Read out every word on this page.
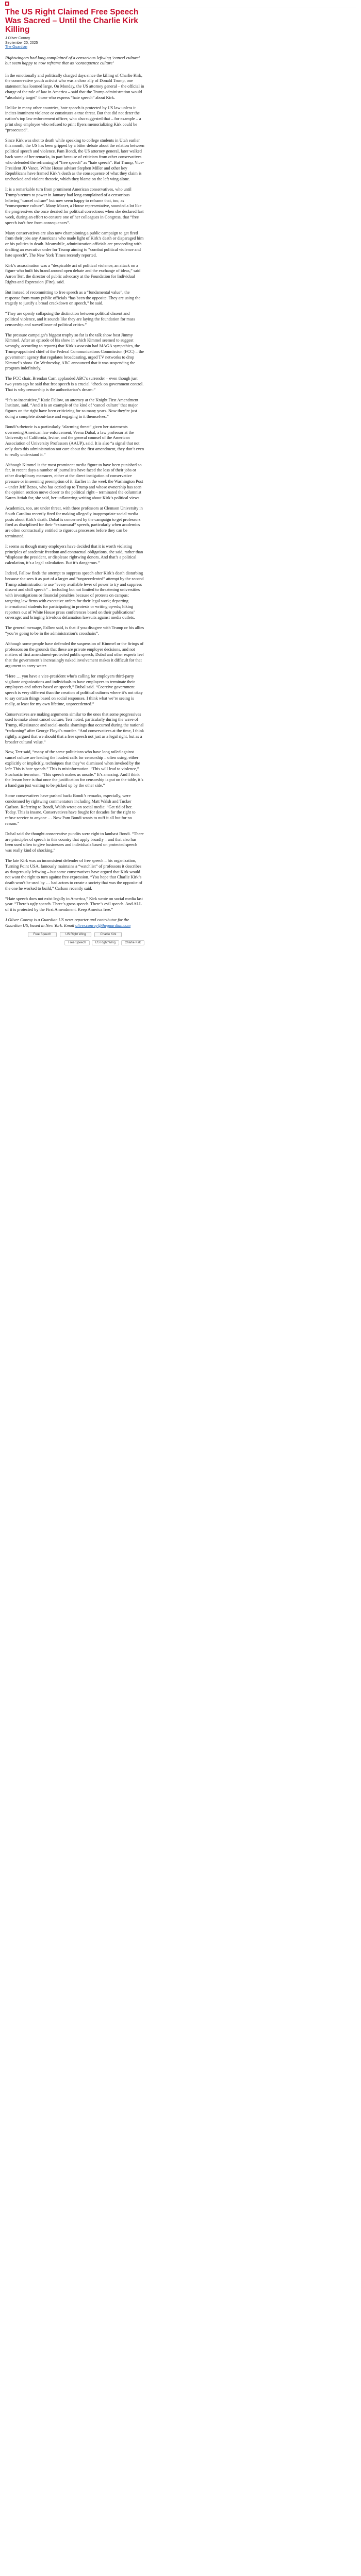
The US Right Claimed Free Speech Was Sacred – Until the Charlie Kirk Killing
J Oliver Conroy
September 20, 2025
The Guardian

Rightwingers had long complained of a censorious leftwing ‘cancel culture’ but seem happy to now reframe that as ‘consequence culture’

In the emotionally and politically charged days since the killing of Charlie Kirk, the conservative youth activist who was a close ally of Donald Trump, one statement has loomed large. On Monday, the US attorney general – the official in charge of the rule of law in America – said that the Trump administration would “absolutely target” those who express “hate speech” about Kirk.

Unlike in many other countries, hate speech is protected by US law unless it incites imminent violence or constitutes a true threat. But that did not deter the nation’s top law enforcement officer, who also suggested that – for example – a print shop employee who refused to print flyers memorializing Kirk could be “prosecuted”.

Since Kirk was shot to death while speaking to college students in Utah earlier this month, the US has been gripped by a bitter debate about the relation between political speech and violence. Pam Bondi, the US attorney general, later walked back some of her remarks, in part because of criticism from other conservatives who defended the reframing of “free speech” as “hate speech”. But Trump, Vice-President JD Vance, White House adviser Stephen Miller and other key Republicans have framed Kirk’s death as the consequence of what they claim is unchecked and violent rhetoric, which they blame on the left wing alone.

It is a remarkable turn from prominent American conservatives, who until Trump’s return to power in January had long complained of a censorious leftwing “cancel culture” but now seem happy to reframe that, too, as “consequence culture”. Many Maxer, a House representative, sounded a lot like the progressives she once decried for political correctness when she declared last week, during an effort to censure one of her colleagues in Congress, that “free speech isn’t free from consequences”.

Many conservatives are also now championing a public campaign to get fired from their jobs any Americans who made light of Kirk’s death or disparaged him or his politics in death. Meanwhile, administration officials are proceeding with drafting an executive order for Trump aiming to “combat political violence and hate speech”, The New York Times recently reported.

Kirk’s assassination was a “despicable act of political violence, an attack on a figure who built his brand around open debate and the exchange of ideas,” said Aaron Terr, the director of public advocacy at the Foundation for Individual Rights and Expression (Fire), said.

But instead of recommitting to free speech as a “fundamental value”, the response from many public officials “has been the opposite. They are using the tragedy to justify a broad crackdown on speech,” he said.

“They are openly collapsing the distinction between political dissent and political violence, and it sounds like they are laying the foundation for mass censorship and surveillance of political critics.”

The pressure campaign’s biggest trophy so far is the talk show host Jimmy Kimmel. After an episode of his show in which Kimmel seemed to suggest wrongly, according to reports) that Kirk’s assassin had MAGA sympathies, the Trump-appointed chief of the Federal Communications Commission (FCC) – the government agency that regulates broadcasting, urged TV networks to drop Kimmel’s show. On Wednesday, ABC announced that it was suspending the program indefinitely.

The FCC chair, Brendan Carr, applauded ABC’s surrender – even though just two years ago he said that free speech is a crucial “check on government control. That is why censorship is the authoritarian’s dream.”

“It’s so insensitive,” Katie Fallow, an attorney at the Knight First Amendment Institute, said. “And it is an example of the kind of ‘cancel culture’ that major figures on the right have been criticizing for so many years. Now they’re just doing a complete about-face and engaging in it themselves.”

Bondi’s rhetoric is a particularly “alarming threat” given her statements overseeing American law enforcement, Veena Dubal, a law professor at the University of California, Irvine, and the general counsel of the American Association of University Professors (AAUP), said. It is also “a signal that not only does this administration not care about the first amendment, they don’t even to really understand it.”

Although Kimmel is the most prominent media figure to have been punished so far, in recent days a number of journalists have faced the loss of their jobs or other disciplinary measures, either at the direct instigation of conservative pressure or in seeming preemption of it. Earlier in the week the Washington Post – under Jeff Bezos, who has cozied up to Trump and whose ownership has seen the opinion section move closer to the political right – terminated the columnist Karen Attiah for, she said, her unflattering writing about Kirk’s political views.

Academics, too, are under threat, with three professors at Clemson University in South Carolina recently fired for making allegedly inappropriate social media posts about Kirk’s death. Dubal is concerned by the campaign to get professors fired as disciplined for their “extramural” speech, particularly when academics are often contractually entitled to rigorous processes before they can be terminated.

It seems as though many employers have decided that it is worth violating principles of academic freedom and contractual obligations, she said, rather than “displease the president, or displease rightwing donors. And that’s a political calculation, it’s a legal calculation. But it’s dangerous.”

Indeed, Fallow finds the attempt to suppress speech after Kirk’s death disturbing because she sees it as part of a larger and “unprecedented” attempt by the second Trump administration to use “every available lever of power to try and suppress dissent and chill speech” – including but not limited to threatening universities with investigations or financial penalties because of protests on campus; targeting law firms with executive orders for their legal work; deporting international students for participating in protests or writing op-eds; hiking reporters out of White House press conferences based on their publications’ coverage; and bringing frivolous defamation lawsuits against media outlets.

The general message, Fallow said, is that if you disagree with Trump or his allies “you’re going to be in the administration’s crosshairs”.

Although some people have defended the suspension of Kimmel or the firings of professors on the grounds that these are private employer decisions, and not matters of first amendment-protected public speech, Dubal and other experts feel that the government’s increasingly naked involvement makes it difficult for that argument to carry water.

“Here … you have a vice-president who’s calling for employers third-party vigilante organizations and individuals to have employees to terminate their employees and others based on speech,” Dubal said. “Coercive government speech is very different than the creation of political cultures where it’s not okay to say certain things based on social responses. I think what we’re seeing is really, at least for my own lifetime, unprecedented.”

Conservatives are making arguments similar to the ones that some progressives used to make about cancel culture, Terr noted, particularly during the wave of Trump, #Resistance and social-media shamings that occurred during the national “reckoning” after George Floyd’s murder. “And conservatives at the time, I think rightly, argued that we should that a free speech not just as a legal right, but as a broader cultural value.”

Now, Terr said, “many of the same politicians who have long railed against cancel culture are leading the loudest calls for censorship – often using, either explicitly or implicitly, techniques that they’ve dismissed when invoked by the left: This is hate speech.” This is misinformation. “This will lead to violence,” Stochastic terrorism. “This speech makes us unsafe.” It’s amazing. And I think the lesson here is that once the justification for censorship is put on the table, it’s a hand gun just waiting to be picked up by the other side.”

Some conservatives have pushed back: Bondi’s remarks, especially, were condemned by rightwing commentators including Matt Walsh and Tucker Carlson. Referring to Bondi, Walsh wrote on social media: “Get rid of her. Today. This is insane. Conservatives have fought for decades for the right to refuse service to anyone … Now Pam Bondi wants to nuff it all but for no reason.”

Dubal said she thought conservative pundits were right to lambast Bondi. “There are principles of speech in this country that apply broadly – and that also has been used often to give businesses and individuals based on protected speech was really kind of shocking.”

The late Kirk was an inconsistent defender of free speech – his organization, Turning Point USA, famously maintains a “watchlist” of professors it describes as dangerously leftwing – but some conservatives have argued that Kirk would not want the right to turn against free expression. “You hope that Charlie Kirk’s death won’t be used by … bad actors to create a society that was the opposite of the one he worked to build,” Carlson recently said.

“Hate speech does not exist legally in America,” Kirk wrote on social media last year. “There’s ugly speech. There’s gross speech. There’s evil speech. And ALL of it is protected by the First Amendment. Keep America free.”

J Oliver Conroy is a Guardian US news reporter and contributor for the Guardian US, based in New York. Email oliver.conroy@theguardian.com

Free Speech	US Right Wing	Charlie Kirk
Free Speech	US Right Wing	Charlie Kirk
